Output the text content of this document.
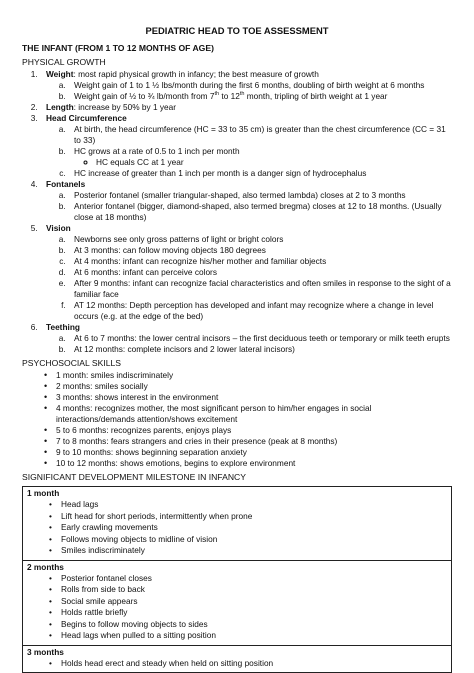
PEDIATRIC HEAD TO TOE ASSESSMENT
THE INFANT (FROM 1 TO 12 MONTHS OF AGE)
PHYSICAL GROWTH
1. Weight: most rapid physical growth in infancy; the best measure of growth
a. Weight gain of 1 to 1 ½ lbs/month during the first 6 months, doubling of birth weight at 6 months
b. Weight gain of ½ to ¾ lb/month from 7th to 12th month, tripling of birth weight at 1 year
2. Length: increase by 50% by 1 year
3. Head Circumference
a. At birth, the head circumference (HC = 33 to 35 cm) is greater than the chest circumference (CC = 31 to 33)
b. HC grows at a rate of 0.5 to 1 inch per month
◦ HC equals CC at 1 year
c. HC increase of greater than 1 inch per month is a danger sign of hydrocephalus
4. Fontanels
a. Posterior fontanel (smaller triangular-shaped, also termed lambda) closes at 2 to 3 months
b. Anterior fontanel (bigger, diamond-shaped, also termed bregma) closes at 12 to 18 months. (Usually close at 18 months)
5. Vision
a. Newborns see only gross patterns of light or bright colors
b. At 3 months: can follow moving objects 180 degrees
c. At 4 months: infant can recognize his/her mother and familiar objects
d. At 6 months: infant can perceive colors
e. After 9 months: infant can recognize facial characteristics and often smiles in response to the sight of a familiar face
f. AT 12 months: Depth perception has developed and infant may recognize where a change in level occurs (e.g. at the edge of the bed)
6. Teething
a. At 6 to 7 months: the lower central incisors – the first deciduous teeth or temporary or milk teeth erupts
b. At 12 months: complete incisors and 2 lower lateral incisors)
PSYCHOSOCIAL SKILLS
• 1 month: smiles indiscriminately
• 2 months: smiles socially
• 3 months: shows interest in the environment
• 4 months: recognizes mother, the most significant person to him/her engages in social interactions/demands attention/shows excitement
• 5 to 6 months: recognizes parents, enjoys plays
• 7 to 8 months: fears strangers and cries in their presence (peak at 8 months)
• 9 to 10 months: shows beginning separation anxiety
• 10 to 12 months: shows emotions, begins to explore environment
SIGNIFICANT DEVELOPMENT MILESTONE IN INFANCY
1 month
• Head lags
• Lift head for short periods, intermittently when prone
• Early crawling movements
• Follows moving objects to midline of vision
• Smiles indiscriminately
2 months
• Posterior fontanel closes
• Rolls from side to back
• Social smile appears
• Holds rattle briefly
• Begins to follow moving objects to sides
• Head lags when pulled to a sitting position
3 months
• Holds head erect and steady when held on sitting position
